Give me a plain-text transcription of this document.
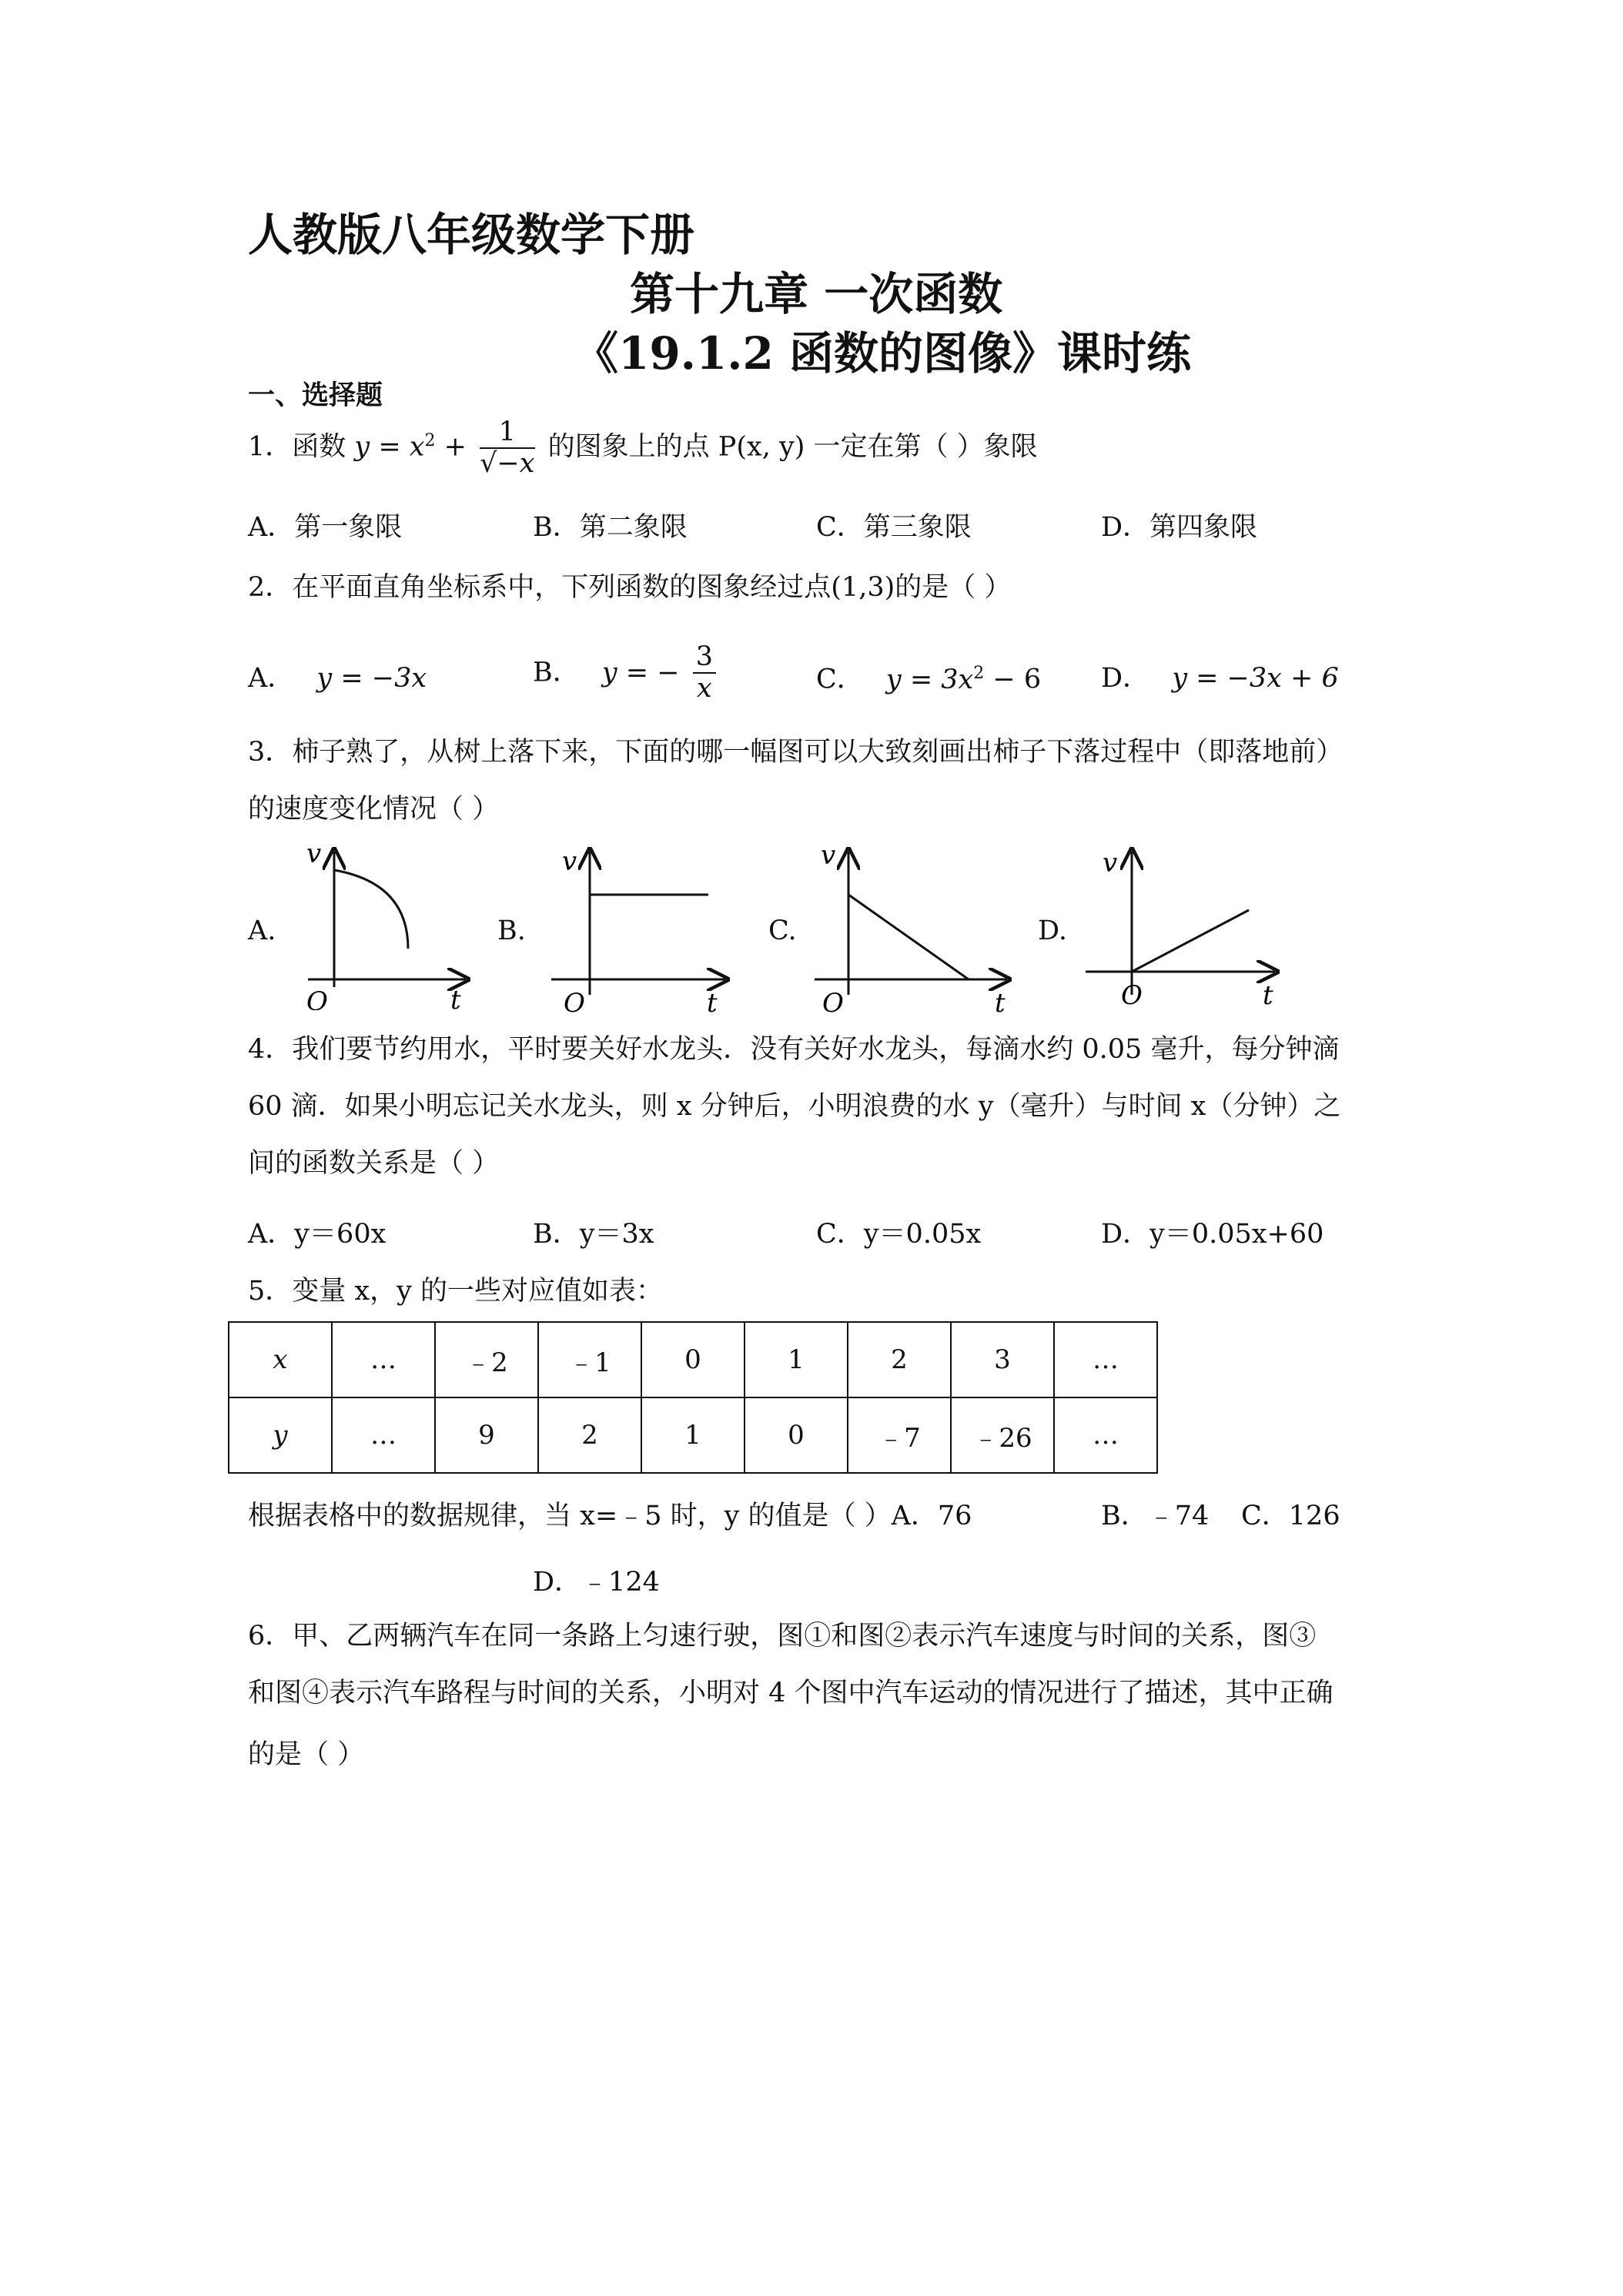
人教版八年级数学下册
第十九章 一次函数
《19.1.2 函数的图像》课时练
一、选择题
1．函数 $y = x^2 + \frac{1}{√-x}$ 的图象上的点 P(x, y) 一定在第（ ）象限
A．第一象限	B．第二象限	C．第三象限	D．第四象限
2．在平面直角坐标系中，下列函数的图象经过点(1,3)的是（ ）
A． y = −3x	B． y = − $\frac{3}{x}$	C． $y = 3x^2 - 6$ D． y = −3x + 6
3．柿子熟了，从树上落下来，下面的哪一幅图可以大致刻画出柿子下落过程中（即落地前）
的速度变化情况（ ）
A.	B.	C.	D.
v
t
O
v
t
O
v
t
O
v
t
O
4．我们要节约用水，平时要关好水龙头．没有关好水龙头，每滴水约 0.05 毫升，每分钟滴
60 滴．如果小明忘记关水龙头，则 x 分钟后，小明浪费的水 y（毫升）与时间 x（分钟）之
间的函数关系是（ ）
A．y＝60x	B．y＝3x	C．y＝0.05x	D．y＝0.05x+60
5．变量 x，y 的一些对应值如表：
x	…	﹣2	﹣1	0	1	2	3	…
y	…	9	2	1	0	﹣7	﹣26	…
根据表格中的数据规律，当 x=﹣5 时，y 的值是（ ）A．76	B．﹣74 C．126
D．﹣124
6．甲、乙两辆汽车在同一条路上匀速行驶，图①和图②表示汽车速度与时间的关系，图③
和图④表示汽车路程与时间的关系，小明对 4 个图中汽车运动的情况进行了描述，其中正确
的是（ ）
